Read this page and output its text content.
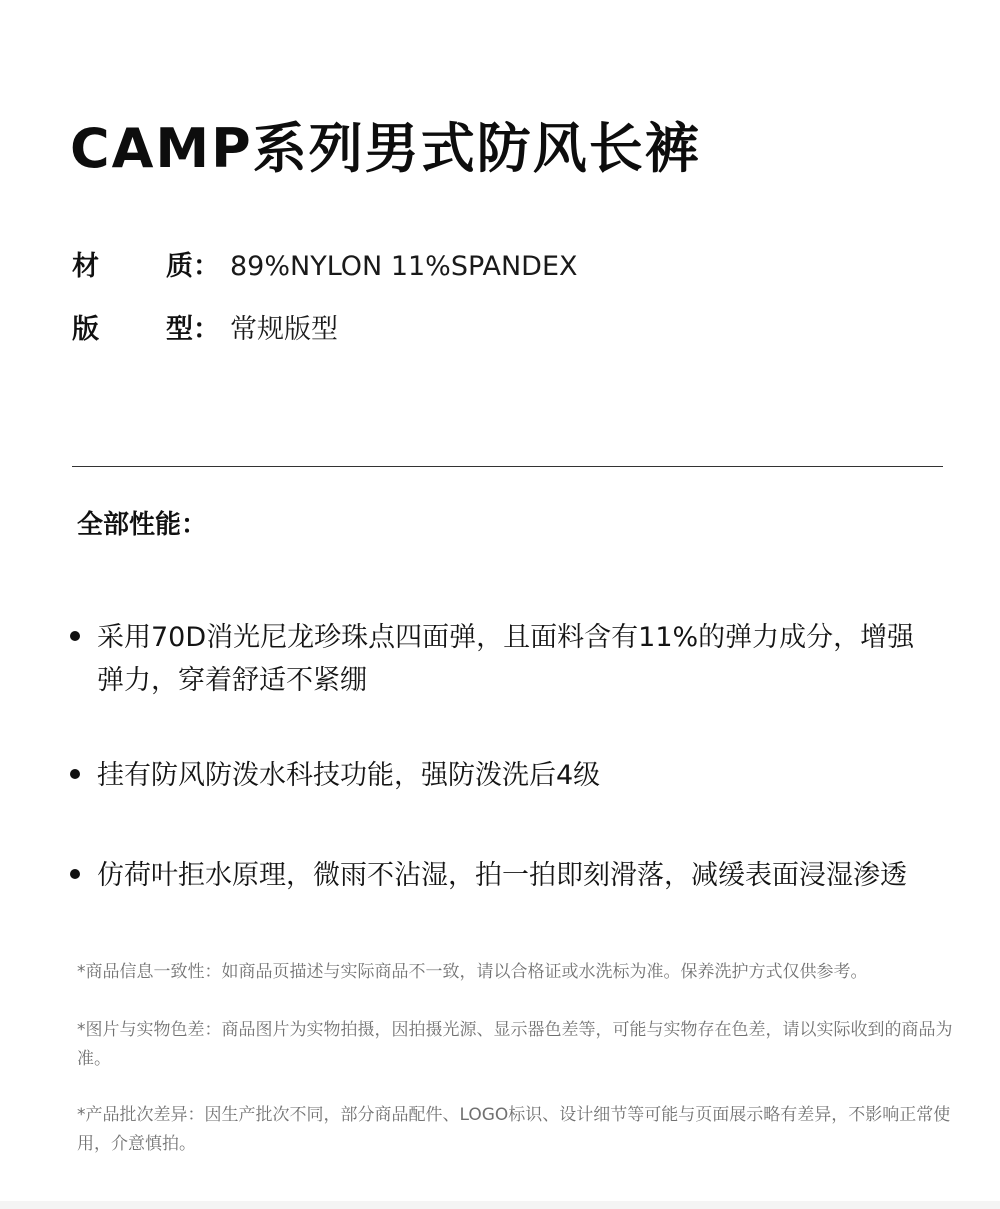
CAMP系列男式防风长裤
材 质： 89%NYLON 11%SPANDEX
版 型： 常规版型
全部性能：
采用70D消光尼龙珍珠点四面弹，且面料含有11%的弹力成分，增强弹力，穿着舒适不紧绷
挂有防风防泼水科技功能，强防泼洗后4级
仿荷叶拒水原理，微雨不沾湿，拍一拍即刻滑落，减缓表面浸湿渗透
*商品信息一致性：如商品页描述与实际商品不一致，请以合格证或水洗标为准。保养洗护方式仅供参考。
*图片与实物色差：商品图片为实物拍摄，因拍摄光源、显示器色差等，可能与实物存在色差，请以实际收到的商品为准。
*产品批次差异：因生产批次不同，部分商品配件、LOGO标识、设计细节等可能与页面展示略有差异，不影响正常使用，介意慎拍。
